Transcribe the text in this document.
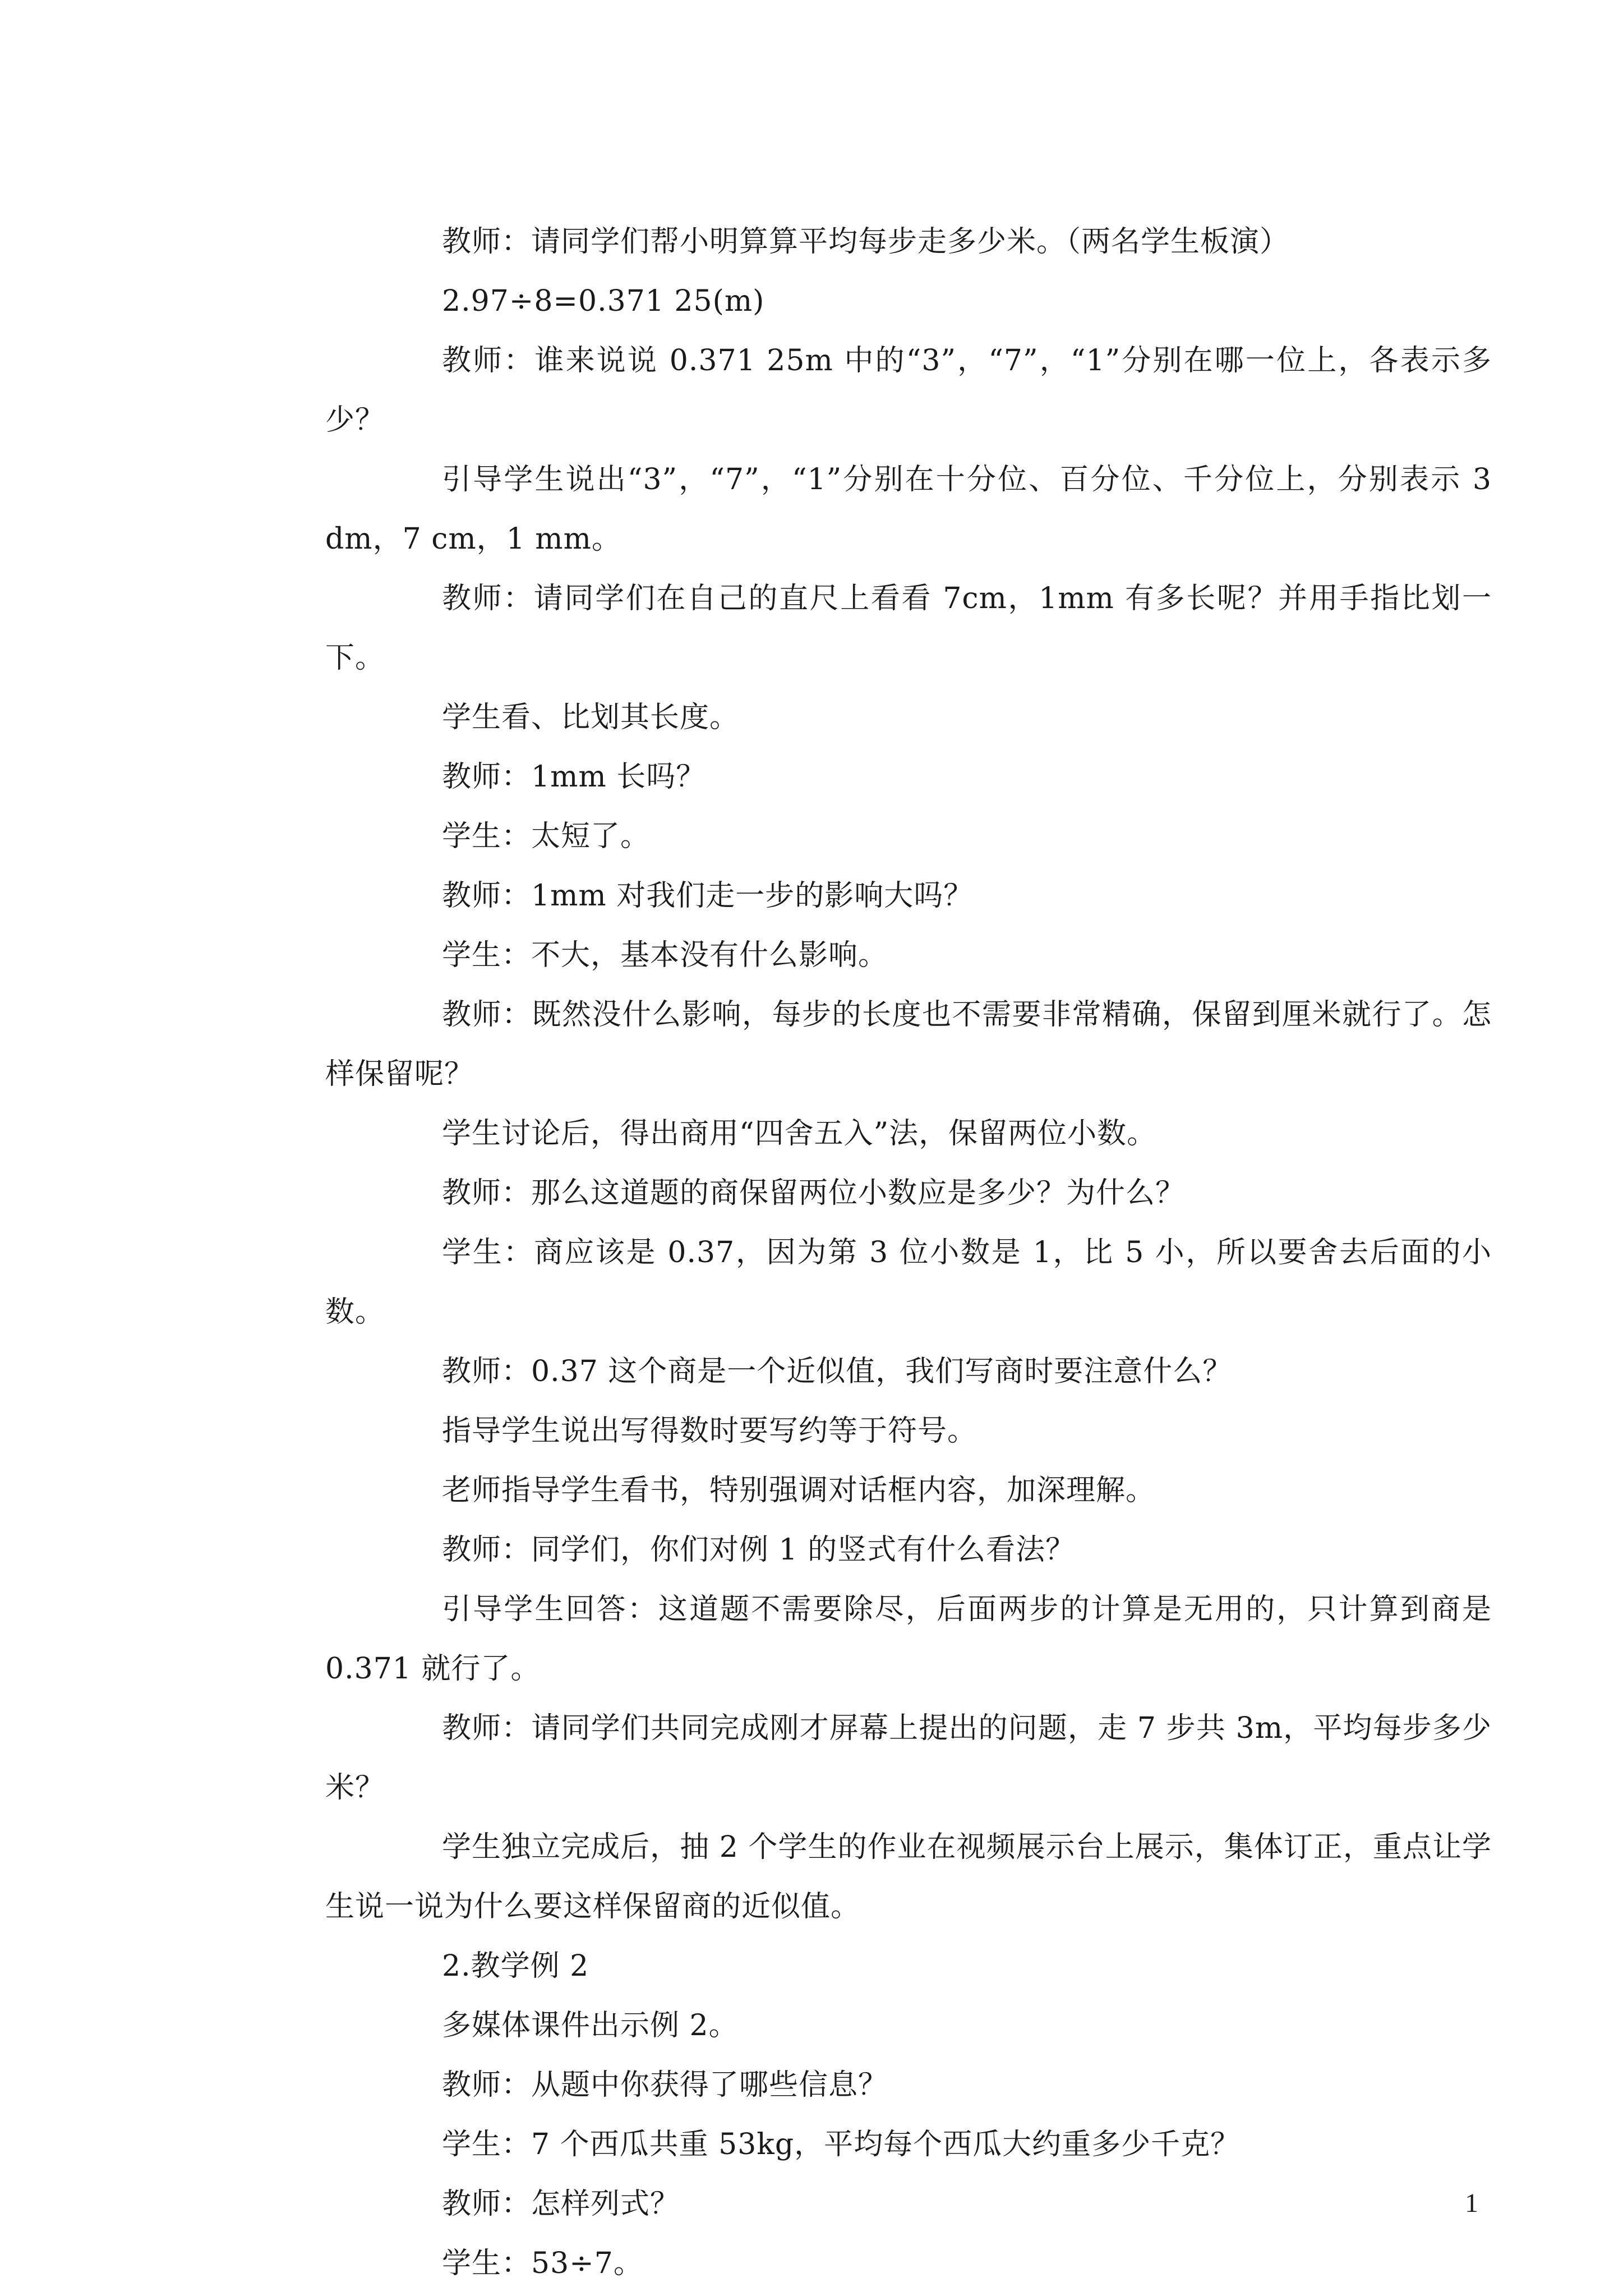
教师：请同学们帮小明算算平均每步走多少米。（两名学生板演）

2.97÷8=0.371 25(m)

教师：谁来说说 0.371 25m 中的“3”，“7”，“1”分别在哪一位上，各表示多少？

引导学生说出“3”，“7”，“1”分别在十分位、百分位、千分位上，分别表示 3 dm，7 cm，1 mm。

教师：请同学们在自己的直尺上看看 7cm，1mm 有多长呢？并用手指比划一下。

学生看、比划其长度。

教师：1mm 长吗？

学生：太短了。

教师：1mm 对我们走一步的影响大吗？

学生：不大，基本没有什么影响。

教师：既然没什么影响，每步的长度也不需要非常精确，保留到厘米就行了。怎样保留呢？

学生讨论后，得出商用“四舍五入”法，保留两位小数。

教师：那么这道题的商保留两位小数应是多少？为什么？

学生：商应该是 0.37，因为第 3 位小数是 1，比 5 小，所以要舍去后面的小数。

教师：0.37 这个商是一个近似值，我们写商时要注意什么？

指导学生说出写得数时要写约等于符号。

老师指导学生看书，特别强调对话框内容，加深理解。

教师：同学们，你们对例 1 的竖式有什么看法？

引导学生回答：这道题不需要除尽，后面两步的计算是无用的，只计算到商是 0.371 就行了。

教师：请同学们共同完成刚才屏幕上提出的问题，走 7 步共 3m，平均每步多少米？

学生独立完成后，抽 2 个学生的作业在视频展示台上展示，集体订正，重点让学生说一说为什么要这样保留商的近似值。

2.教学例 2

多媒体课件出示例 2。

教师：从题中你获得了哪些信息？

学生：7 个西瓜共重 53kg，平均每个西瓜大约重多少千克？

教师：怎样列式？

学生：53÷7。

1
